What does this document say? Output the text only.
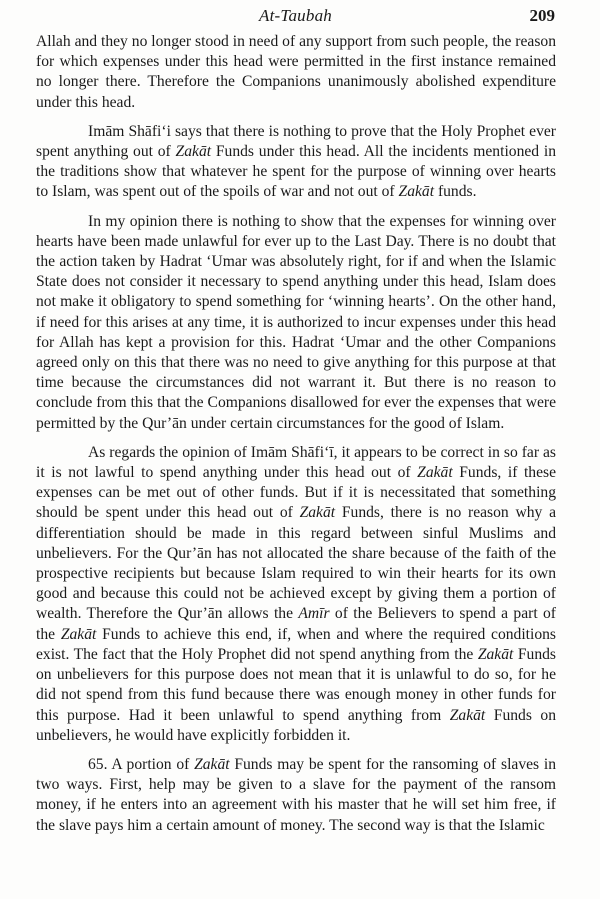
At-Taubah	209

Allah and they no longer stood in need of any support from such people, the reason for which expenses under this head were permitted in the first instance remained no longer there. Therefore the Companions unanimously abolished expenditure under this head.

Imām Shāfi‘i says that there is nothing to prove that the Holy Prophet ever spent anything out of Zakāt Funds under this head. All the incidents mentioned in the traditions show that whatever he spent for the purpose of winning over hearts to Islam, was spent out of the spoils of war and not out of Zakāt funds.

In my opinion there is nothing to show that the expenses for winning over hearts have been made unlawful for ever up to the Last Day. There is no doubt that the action taken by Hadrat ‘Umar was absolutely right, for if and when the Islamic State does not consider it necessary to spend anything under this head, Islam does not make it obligatory to spend something for ‘winning hearts’. On the other hand, if need for this arises at any time, it is authorized to incur expenses under this head for Allah has kept a provision for this. Hadrat ‘Umar and the other Companions agreed only on this that there was no need to give anything for this purpose at that time because the circumstances did not warrant it. But there is no reason to conclude from this that the Companions disallowed for ever the expenses that were permitted by the Qur’ān under certain circumstances for the good of Islam.

As regards the opinion of Imām Shāfi‘ī, it appears to be correct in so far as it is not lawful to spend anything under this head out of Zakāt Funds, if these expenses can be met out of other funds. But if it is necessitated that something should be spent under this head out of Zakāt Funds, there is no reason why a differentiation should be made in this regard between sinful Muslims and unbelievers. For the Qur’ān has not allocated the share because of the faith of the prospective recipients but because Islam required to win their hearts for its own good and because this could not be achieved except by giving them a portion of wealth. Therefore the Qur’ān allows the Amīr of the Believers to spend a part of the Zakāt Funds to achieve this end, if, when and where the required conditions exist. The fact that the Holy Prophet did not spend anything from the Zakāt Funds on unbelievers for this purpose does not mean that it is unlawful to do so, for he did not spend from this fund because there was enough money in other funds for this purpose. Had it been unlawful to spend anything from Zakāt Funds on unbelievers, he would have explicitly forbidden it.

65. A portion of Zakāt Funds may be spent for the ransoming of slaves in two ways. First, help may be given to a slave for the payment of the ransom money, if he enters into an agreement with his master that he will set him free, if the slave pays him a certain amount of money. The second way is that the Islamic
